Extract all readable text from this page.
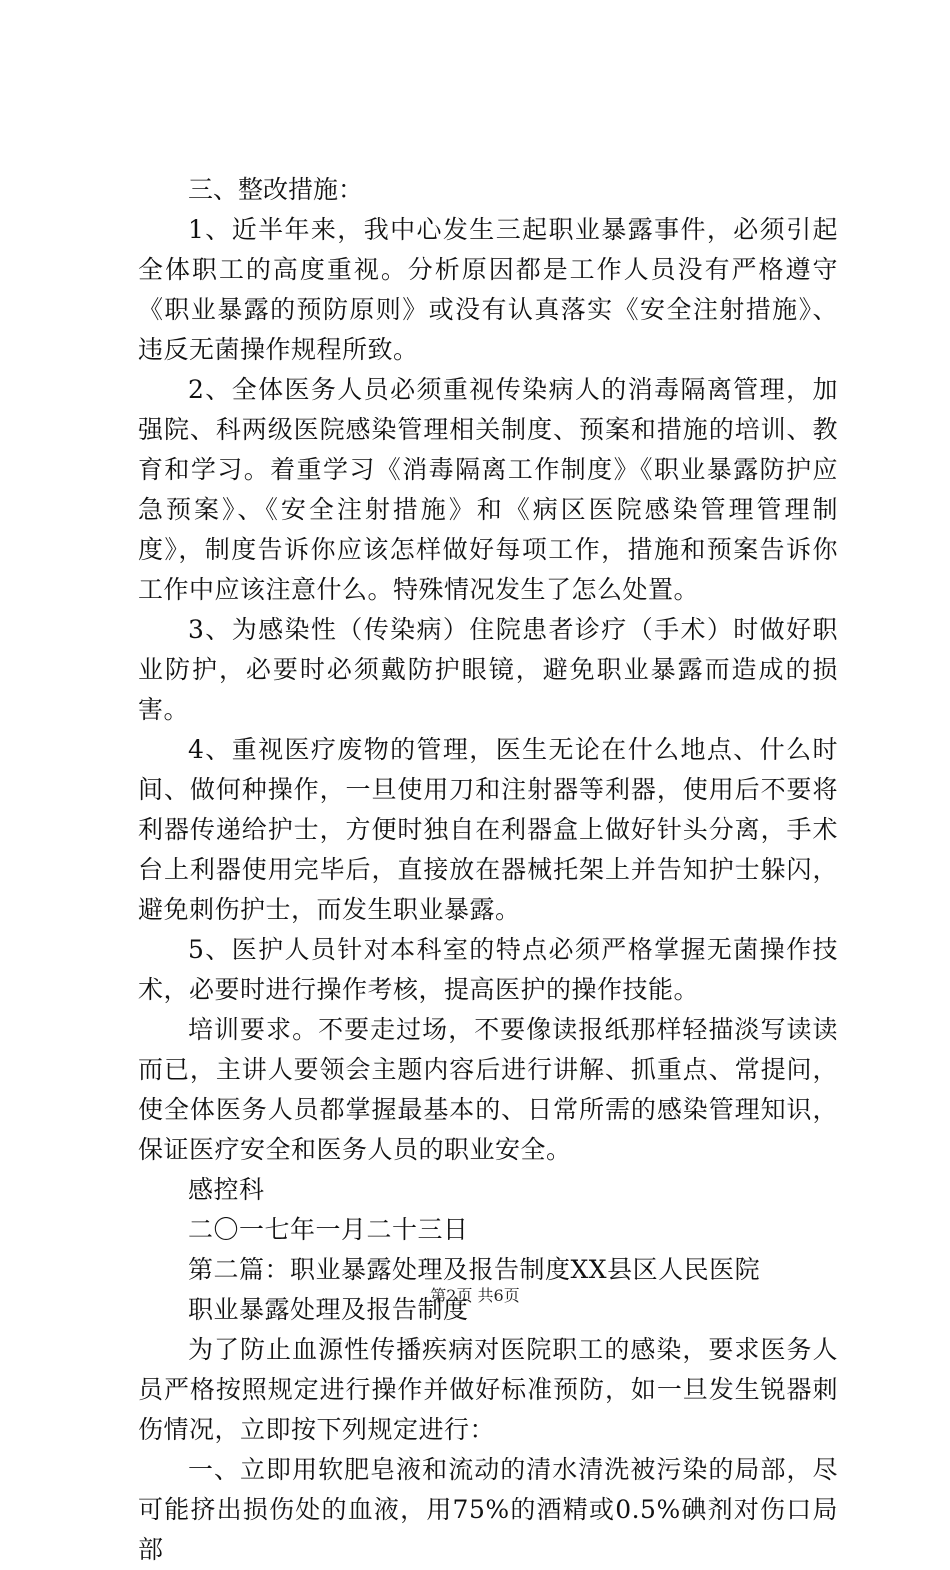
三、整改措施：

1、近半年来，我中心发生三起职业暴露事件，必须引起全体职工的高度重视。分析原因都是工作人员没有严格遵守《职业暴露的预防原则》或没有认真落实《安全注射措施》、违反无菌操作规程所致。

2、全体医务人员必须重视传染病人的消毒隔离管理，加强院、科两级医院感染管理相关制度、预案和措施的培训、教育和学习。着重学习《消毒隔离工作制度》《职业暴露防护应急预案》、《安全注射措施》和《病区医院感染管理管理制度》，制度告诉你应该怎样做好每项工作，措施和预案告诉你工作中应该注意什么。特殊情况发生了怎么处置。

3、为感染性（传染病）住院患者诊疗（手术）时做好职业防护，必要时必须戴防护眼镜，避免职业暴露而造成的损害。

4、重视医疗废物的管理，医生无论在什么地点、什么时间、做何种操作，一旦使用刀和注射器等利器，使用后不要将利器传递给护士，方便时独自在利器盒上做好针头分离，手术台上利器使用完毕后，直接放在器械托架上并告知护士躲闪，避免刺伤护士，而发生职业暴露。

5、医护人员针对本科室的特点必须严格掌握无菌操作技术，必要时进行操作考核，提高医护的操作技能。

培训要求。不要走过场，不要像读报纸那样轻描淡写读读而已，主讲人要领会主题内容后进行讲解、抓重点、常提问，使全体医务人员都掌握最基本的、日常所需的感染管理知识，保证医疗安全和医务人员的职业安全。

感控科

二〇一七年一月二十三日

第二篇：职业暴露处理及报告制度XX县区人民医院

职业暴露处理及报告制度

为了防止血源性传播疾病对医院职工的感染，要求医务人员严格按照规定进行操作并做好标准预防，如一旦发生锐器刺伤情况，立即按下列规定进行：

一、立即用软肥皂液和流动的清水清洗被污染的局部，尽可能挤出损伤处的血液，用75%的酒精或0.5%碘剂对伤口局部

第2页 共6页
